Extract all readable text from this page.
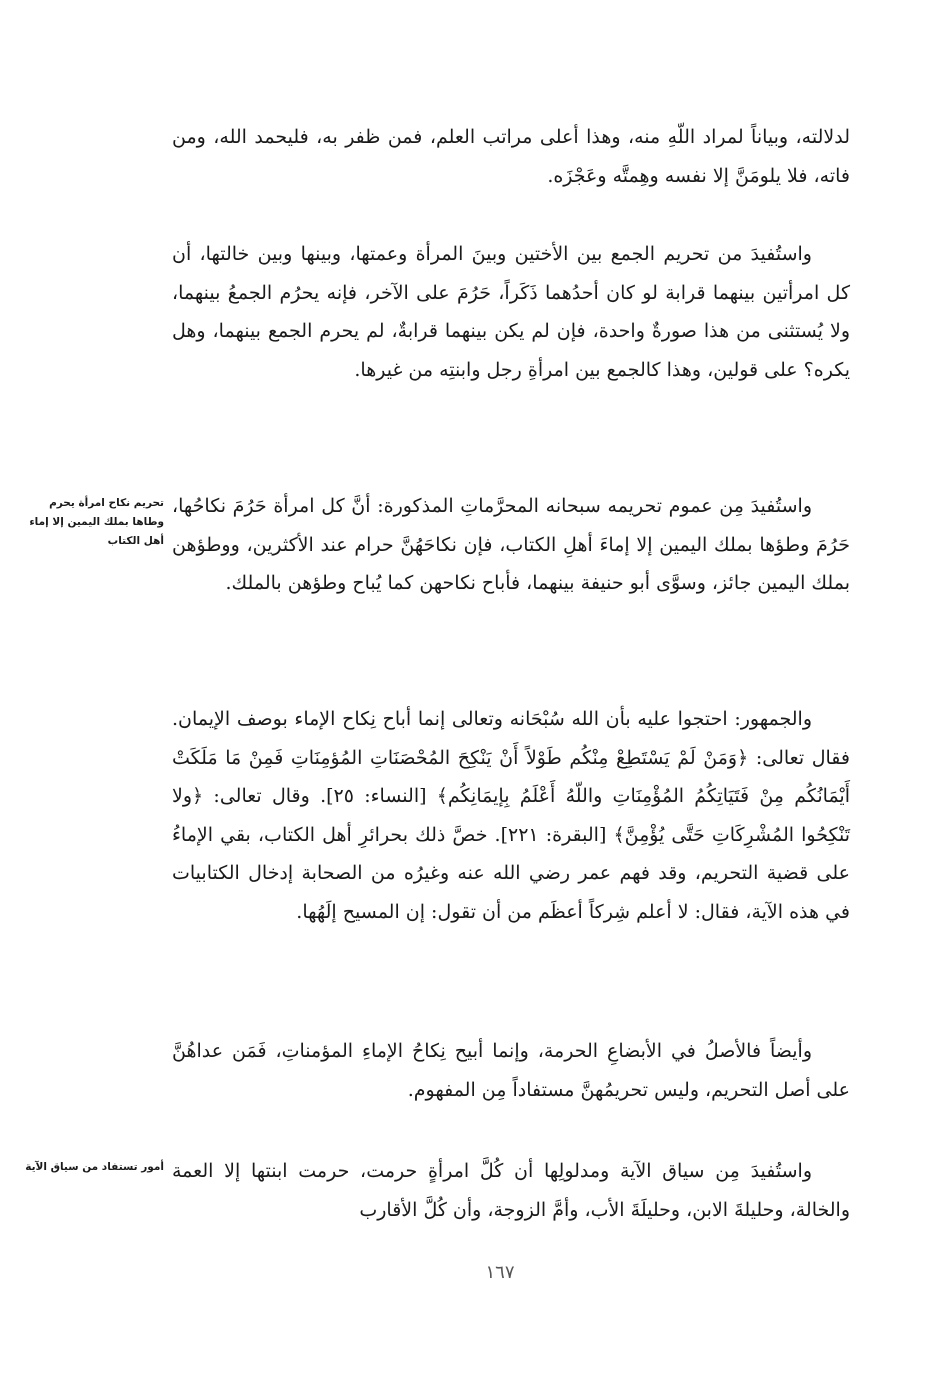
لدلالته، وبياناً لمراد اللّهِ منه، وهذا أعلى مراتب العلم، فمن ظفر به، فليحمد الله، ومن فاته، فلا يلومَنَّ إلا نفسه وهِمتَّه وعَجْزَه.

واستُفيدَ من تحريم الجمع بين الأختين وبينَ المرأة وعمتها، وبينها وبين خالتها، أن كل امرأتين بينهما قرابة لو كان أحدُهما ذَكَراً، حَرُمَ على الآخر، فإنه يحرُم الجمعُ بينهما، ولا يُستثنى من هذا صورةٌ واحدة، فإن لم يكن بينهما قرابةٌ، لم يحرم الجمع بينهما، وهل يكره؟ على قولين، وهذا كالجمع بين امرأةِ رجل وابنتِه من غيرها.

واستُفيدَ مِن عموم تحريمه سبحانه المحرَّماتِ المذكورة: أنَّ كل امرأة حَرُمَ نكاحُها، حَرُمَ وطؤها بملك اليمين إلا إماءَ أهلِ الكتاب، فإن نكاحَهُنَّ حرام عند الأكثرين، ووطؤهن بملك اليمين جائز، وسوَّى أبو حنيفة بينهما، فأباح نكاحهن كما يُباح وطؤهن بالملك.

والجمهور: احتجوا عليه بأن الله سُبْحَانه وتعالى إنما أباح نِكاح الإماء بوصف الإيمان. فقال تعالى: ﴿وَمَنْ لَمْ يَسْتَطِعْ مِنْكُم طَوْلاً أَنْ يَنْكِحَ المُحْصَنَاتِ المُؤمِنَاتِ فَمِنْ مَا مَلَكَتْ أَيْمَانُكُم مِنْ فَتَيَاتِكُمُ المُؤْمِنَاتِ واللّهُ أَعْلَمُ بِإيمَانِكُم﴾ [النساء: ٢٥]. وقال تعالى: ﴿ولا تَنْكِحُوا المُشْرِكَاتِ حَتَّى يُؤْمِنَّ﴾ [البقرة: ٢٢١]. خصَّ ذلك بحرائرِ أهل الكتاب، بقي الإماءُ على قضية التحريم، وقد فهم عمر رضي الله عنه وغيرُه من الصحابة إدخال الكتابيات في هذه الآية، فقال: لا أعلم شِركاً أعظَم من أن تقول: إن المسيح إلَهُها.

وأيضاً فالأصلُ في الأبضاعِ الحرمة، وإنما أبيح نِكاحُ الإماءِ المؤمناتِ، فَمَن عداهُنَّ على أصل التحريم، وليس تحريمُهنَّ مستفاداً مِن المفهوم.

واستُفيدَ مِن سياق الآية ومدلولِها أن كُلَّ امرأةٍ حرمت، حرمت ابنتها إلا العمة والخالة، وحليلةَ الابن، وحليلَةَ الأب، وأمَّ الزوجة، وأن كُلَّ الأقارب

تحريم نكاح امرأة يحرم وطاها بملك اليمين إلا إماء أهل الكتاب

أمور تستفاد من سياق الآية

١٦٧
